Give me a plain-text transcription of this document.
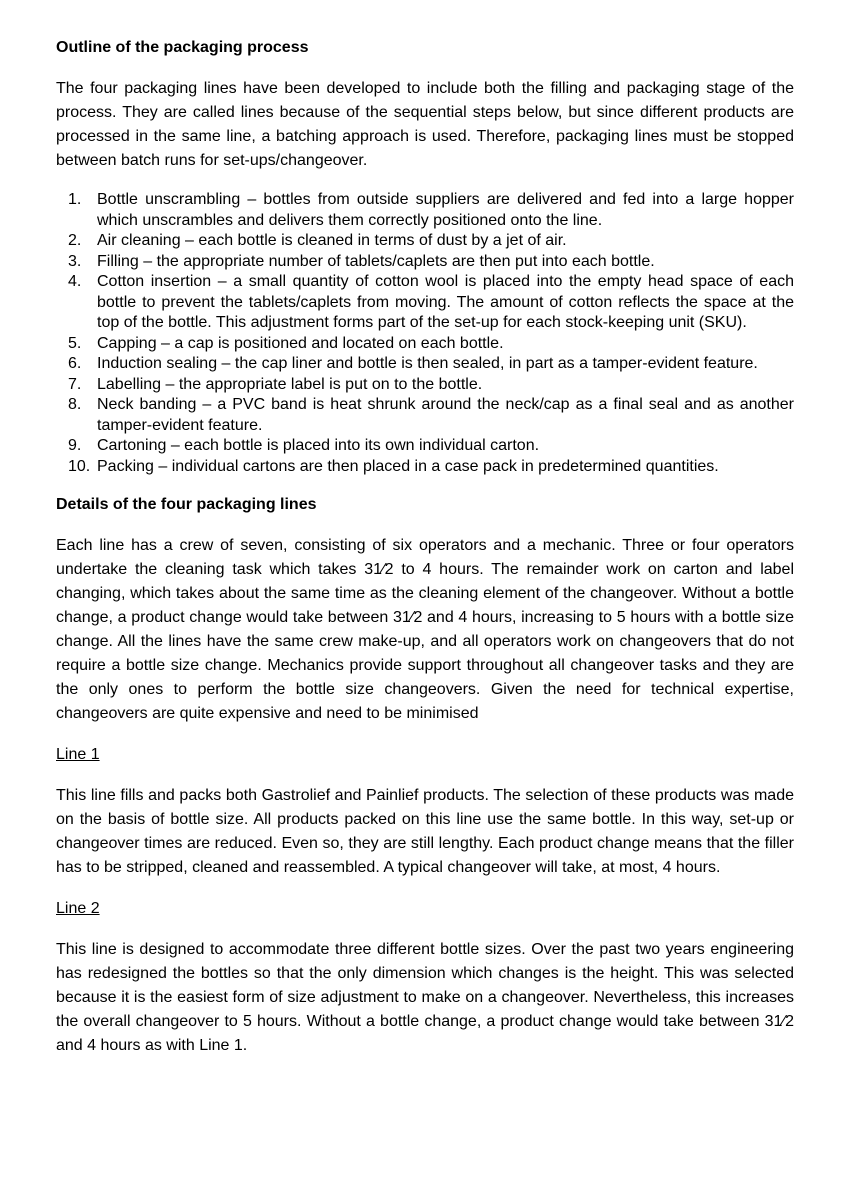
Outline of the packaging process

The four packaging lines have been developed to include both the filling and packaging stage of the process. They are called lines because of the sequential steps below, but since different products are processed in the same line, a batching approach is used. Therefore, packaging lines must be stopped between batch runs for set-ups/changeover.

1. Bottle unscrambling – bottles from outside suppliers are delivered and fed into a large hopper which unscrambles and delivers them correctly positioned onto the line.
2. Air cleaning – each bottle is cleaned in terms of dust by a jet of air.
3. Filling – the appropriate number of tablets/caplets are then put into each bottle.
4. Cotton insertion – a small quantity of cotton wool is placed into the empty head space of each bottle to prevent the tablets/caplets from moving. The amount of cotton reflects the space at the top of the bottle. This adjustment forms part of the set-up for each stock-keeping unit (SKU).
5. Capping – a cap is positioned and located on each bottle.
6. Induction sealing – the cap liner and bottle is then sealed, in part as a tamper-evident feature.
7. Labelling – the appropriate label is put on to the bottle.
8. Neck banding – a PVC band is heat shrunk around the neck/cap as a final seal and as another tamper-evident feature.
9. Cartoning – each bottle is placed into its own individual carton.
10. Packing – individual cartons are then placed in a case pack in predetermined quantities.
Details of the four packaging lines

Each line has a crew of seven, consisting of six operators and a mechanic. Three or four operators undertake the cleaning task which takes 31⁄2 to 4 hours. The remainder work on carton and label changing, which takes about the same time as the cleaning element of the changeover. Without a bottle change, a product change would take between 31⁄2 and 4 hours, increasing to 5 hours with a bottle size change. All the lines have the same crew make-up, and all operators work on changeovers that do not require a bottle size change. Mechanics provide support throughout all changeover tasks and they are the only ones to perform the bottle size changeovers. Given the need for technical expertise, changeovers are quite expensive and need to be minimised

Line 1

This line fills and packs both Gastrolief and Painlief products. The selection of these products was made on the basis of bottle size. All products packed on this line use the same bottle. In this way, set-up or changeover times are reduced. Even so, they are still lengthy. Each product change means that the filler has to be stripped, cleaned and reassembled. A typical changeover will take, at most, 4 hours.

Line 2

This line is designed to accommodate three different bottle sizes. Over the past two years engineering has redesigned the bottles so that the only dimension which changes is the height. This was selected because it is the easiest form of size adjustment to make on a changeover. Nevertheless, this increases the overall changeover to 5 hours. Without a bottle change, a product change would take between 31⁄2 and 4 hours as with Line 1.
